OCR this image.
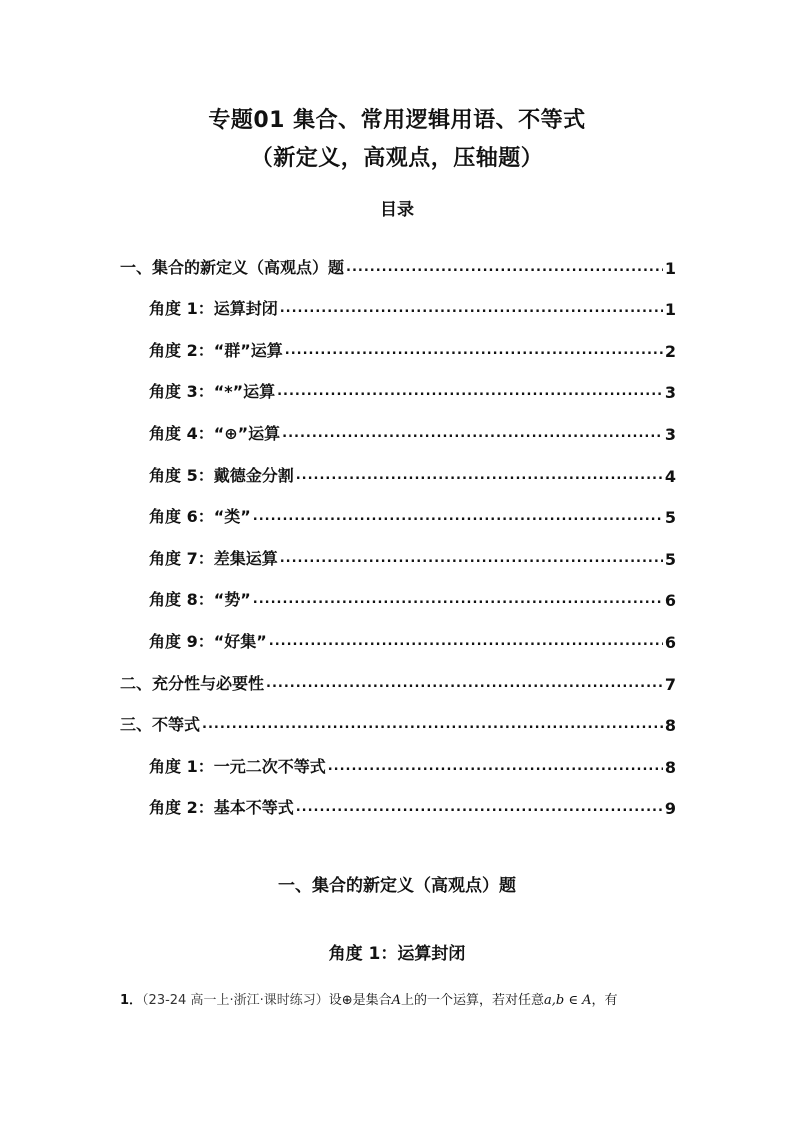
专题01 集合、常用逻辑用语、不等式
（新定义，高观点，压轴题）
目录
一、集合的新定义（高观点）题 .....	1
角度 1：运算封闭 .....	1
角度 2：“群”运算 .....	2
角度 3：“*”运算 .....	3
角度 4：“⊕”运算 .....	3
角度 5：戴德金分割 .....	4
角度 6：“类” .....	5
角度 7：差集运算 .....	5
角度 8：“势” .....	6
角度 9：“好集” .....	6
二、充分性与必要性 .....	7
三、不等式 .....	8
角度 1：一元二次不等式 .....	8
角度 2：基本不等式 .....	9
一、集合的新定义（高观点）题
角度 1：运算封闭
1．（23-24 高一上·浙江·课时练习）设⊕是集合A上的一个运算，若对任意a,b ∈ A，有
